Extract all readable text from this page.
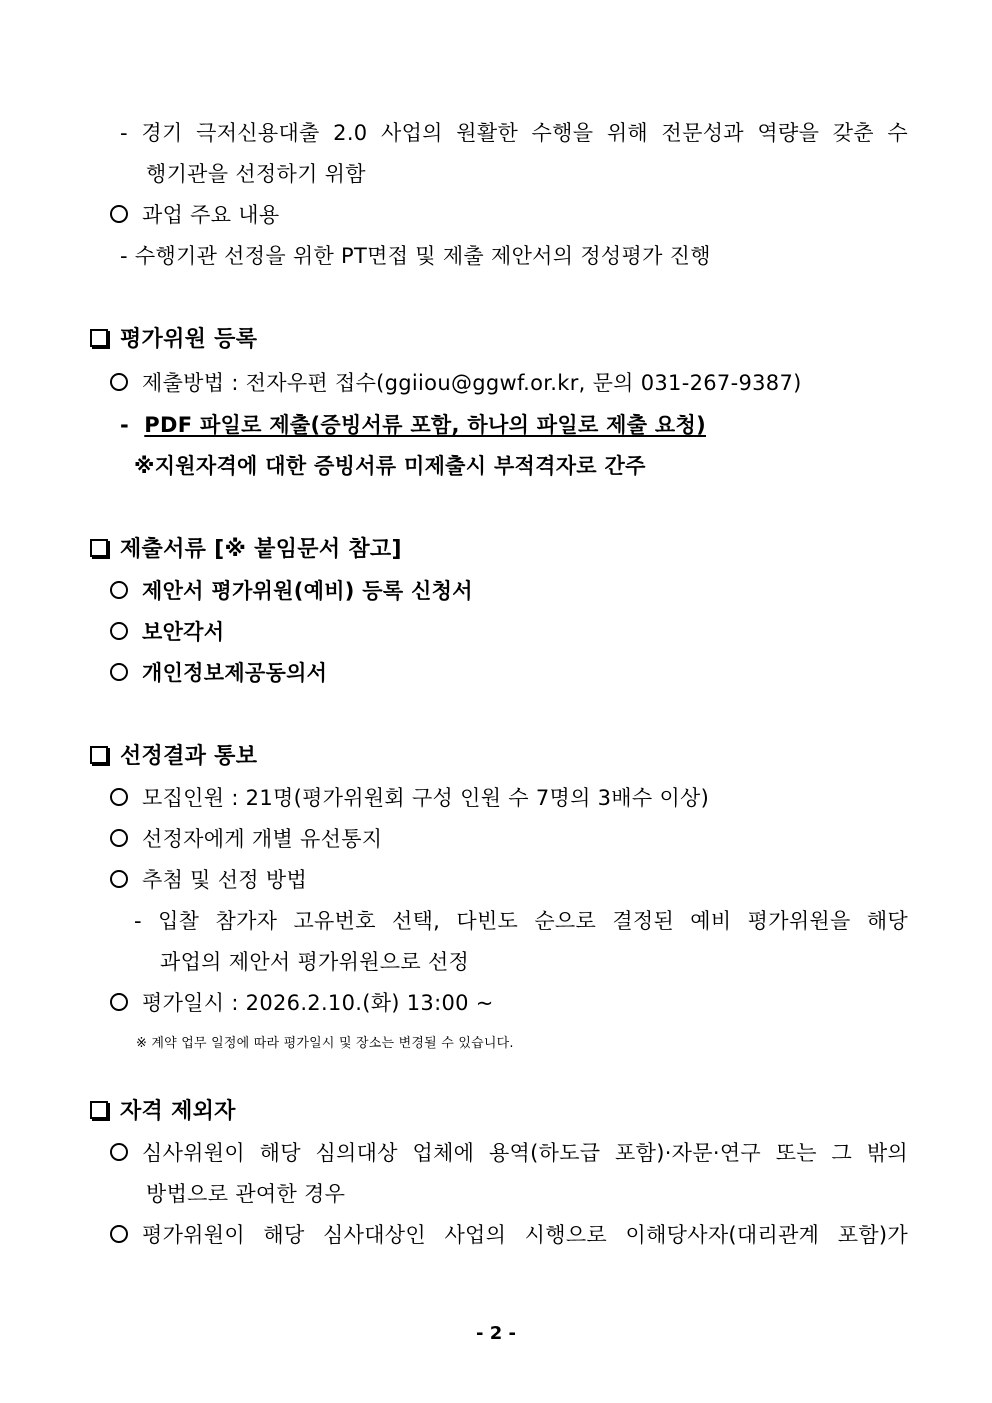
- 경기 극저신용대출 2.0 사업의 원활한 수행을 위해 전문성과 역량을 갖춘 수
행기관을 선정하기 위함
과업 주요 내용
- 수행기관 선정을 위한 PT면접 및 제출 제안서의 정성평가 진행
평가위원 등록
제출방법 : 전자우편 접수(ggiiou@ggwf.or.kr, 문의 031-267-9387)
- PDF 파일로 제출(증빙서류 포함, 하나의 파일로 제출 요청)
※지원자격에 대한 증빙서류 미제출시 부적격자로 간주
제출서류 [※ 붙임문서 참고]
제안서 평가위원(예비) 등록 신청서
보안각서
개인정보제공동의서
선정결과 통보
모집인원 : 21명(평가위원회 구성 인원 수 7명의 3배수 이상)
선정자에게 개별 유선통지
추첨 및 선정 방법
- 입찰 참가자 고유번호 선택, 다빈도 순으로 결정된 예비 평가위원을 해당
과업의 제안서 평가위원으로 선정
평가일시 : 2026.2.10.(화) 13:00 ~
※ 계약 업무 일정에 따라 평가일시 및 장소는 변경될 수 있습니다.
자격 제외자
심사위원이 해당 심의대상 업체에 용역(하도급 포함)·자문·연구 또는 그 밖의
방법으로 관여한 경우
평가위원이 해당 심사대상인 사업의 시행으로 이해당사자(대리관계 포함)가
- 2 -
